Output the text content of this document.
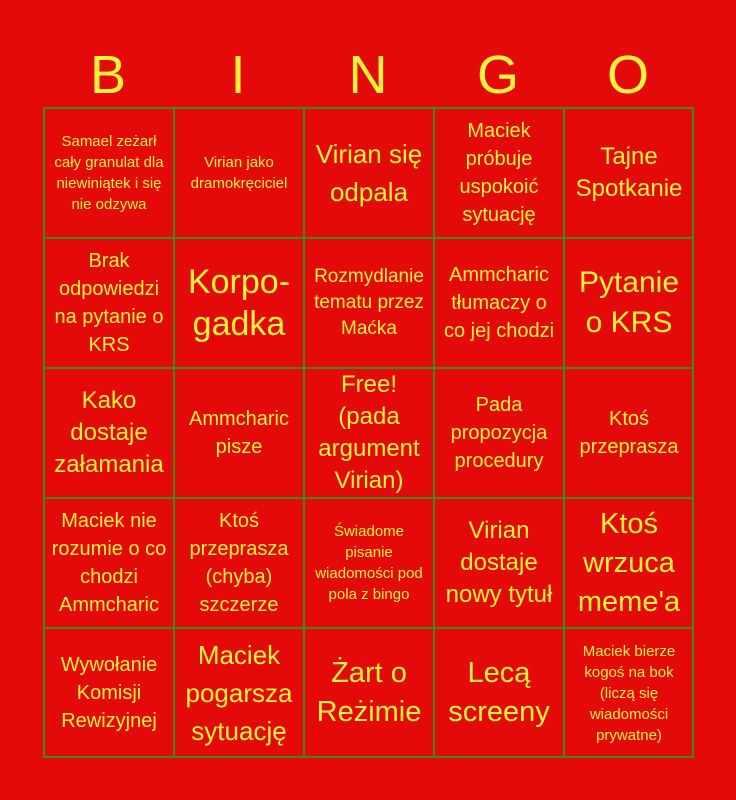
B	I	N	G	O
Samael zeżarł cały granulat dla niewiniątek i się nie odzywa
Virian jako dramokręciciel
Virian się odpala
Maciek próbuje uspokoić sytuację
Tajne Spotkanie
Brak odpowiedzi na pytanie o KRS
Korpo-gadka
Rozmydlanie tematu przez Maćka
Ammcharic tłumaczy o co jej chodzi
Pytanie o KRS
Kako dostaje załamania
Ammcharic pisze
Free! (pada argument Virian)
Pada propozycja procedury
Ktoś przeprasza
Maciek nie rozumie o co chodzi Ammcharic
Ktoś przeprasza (chyba) szczerze
Świadome pisanie wiadomości pod pola z bingo
Virian dostaje nowy tytuł
Ktoś wrzuca meme'a
Wywołanie Komisji Rewizyjnej
Maciek pogarsza sytuację
Żart o Reżimie
Lecą screeny
Maciek bierze kogoś na bok (liczą się wiadomości prywatne)
